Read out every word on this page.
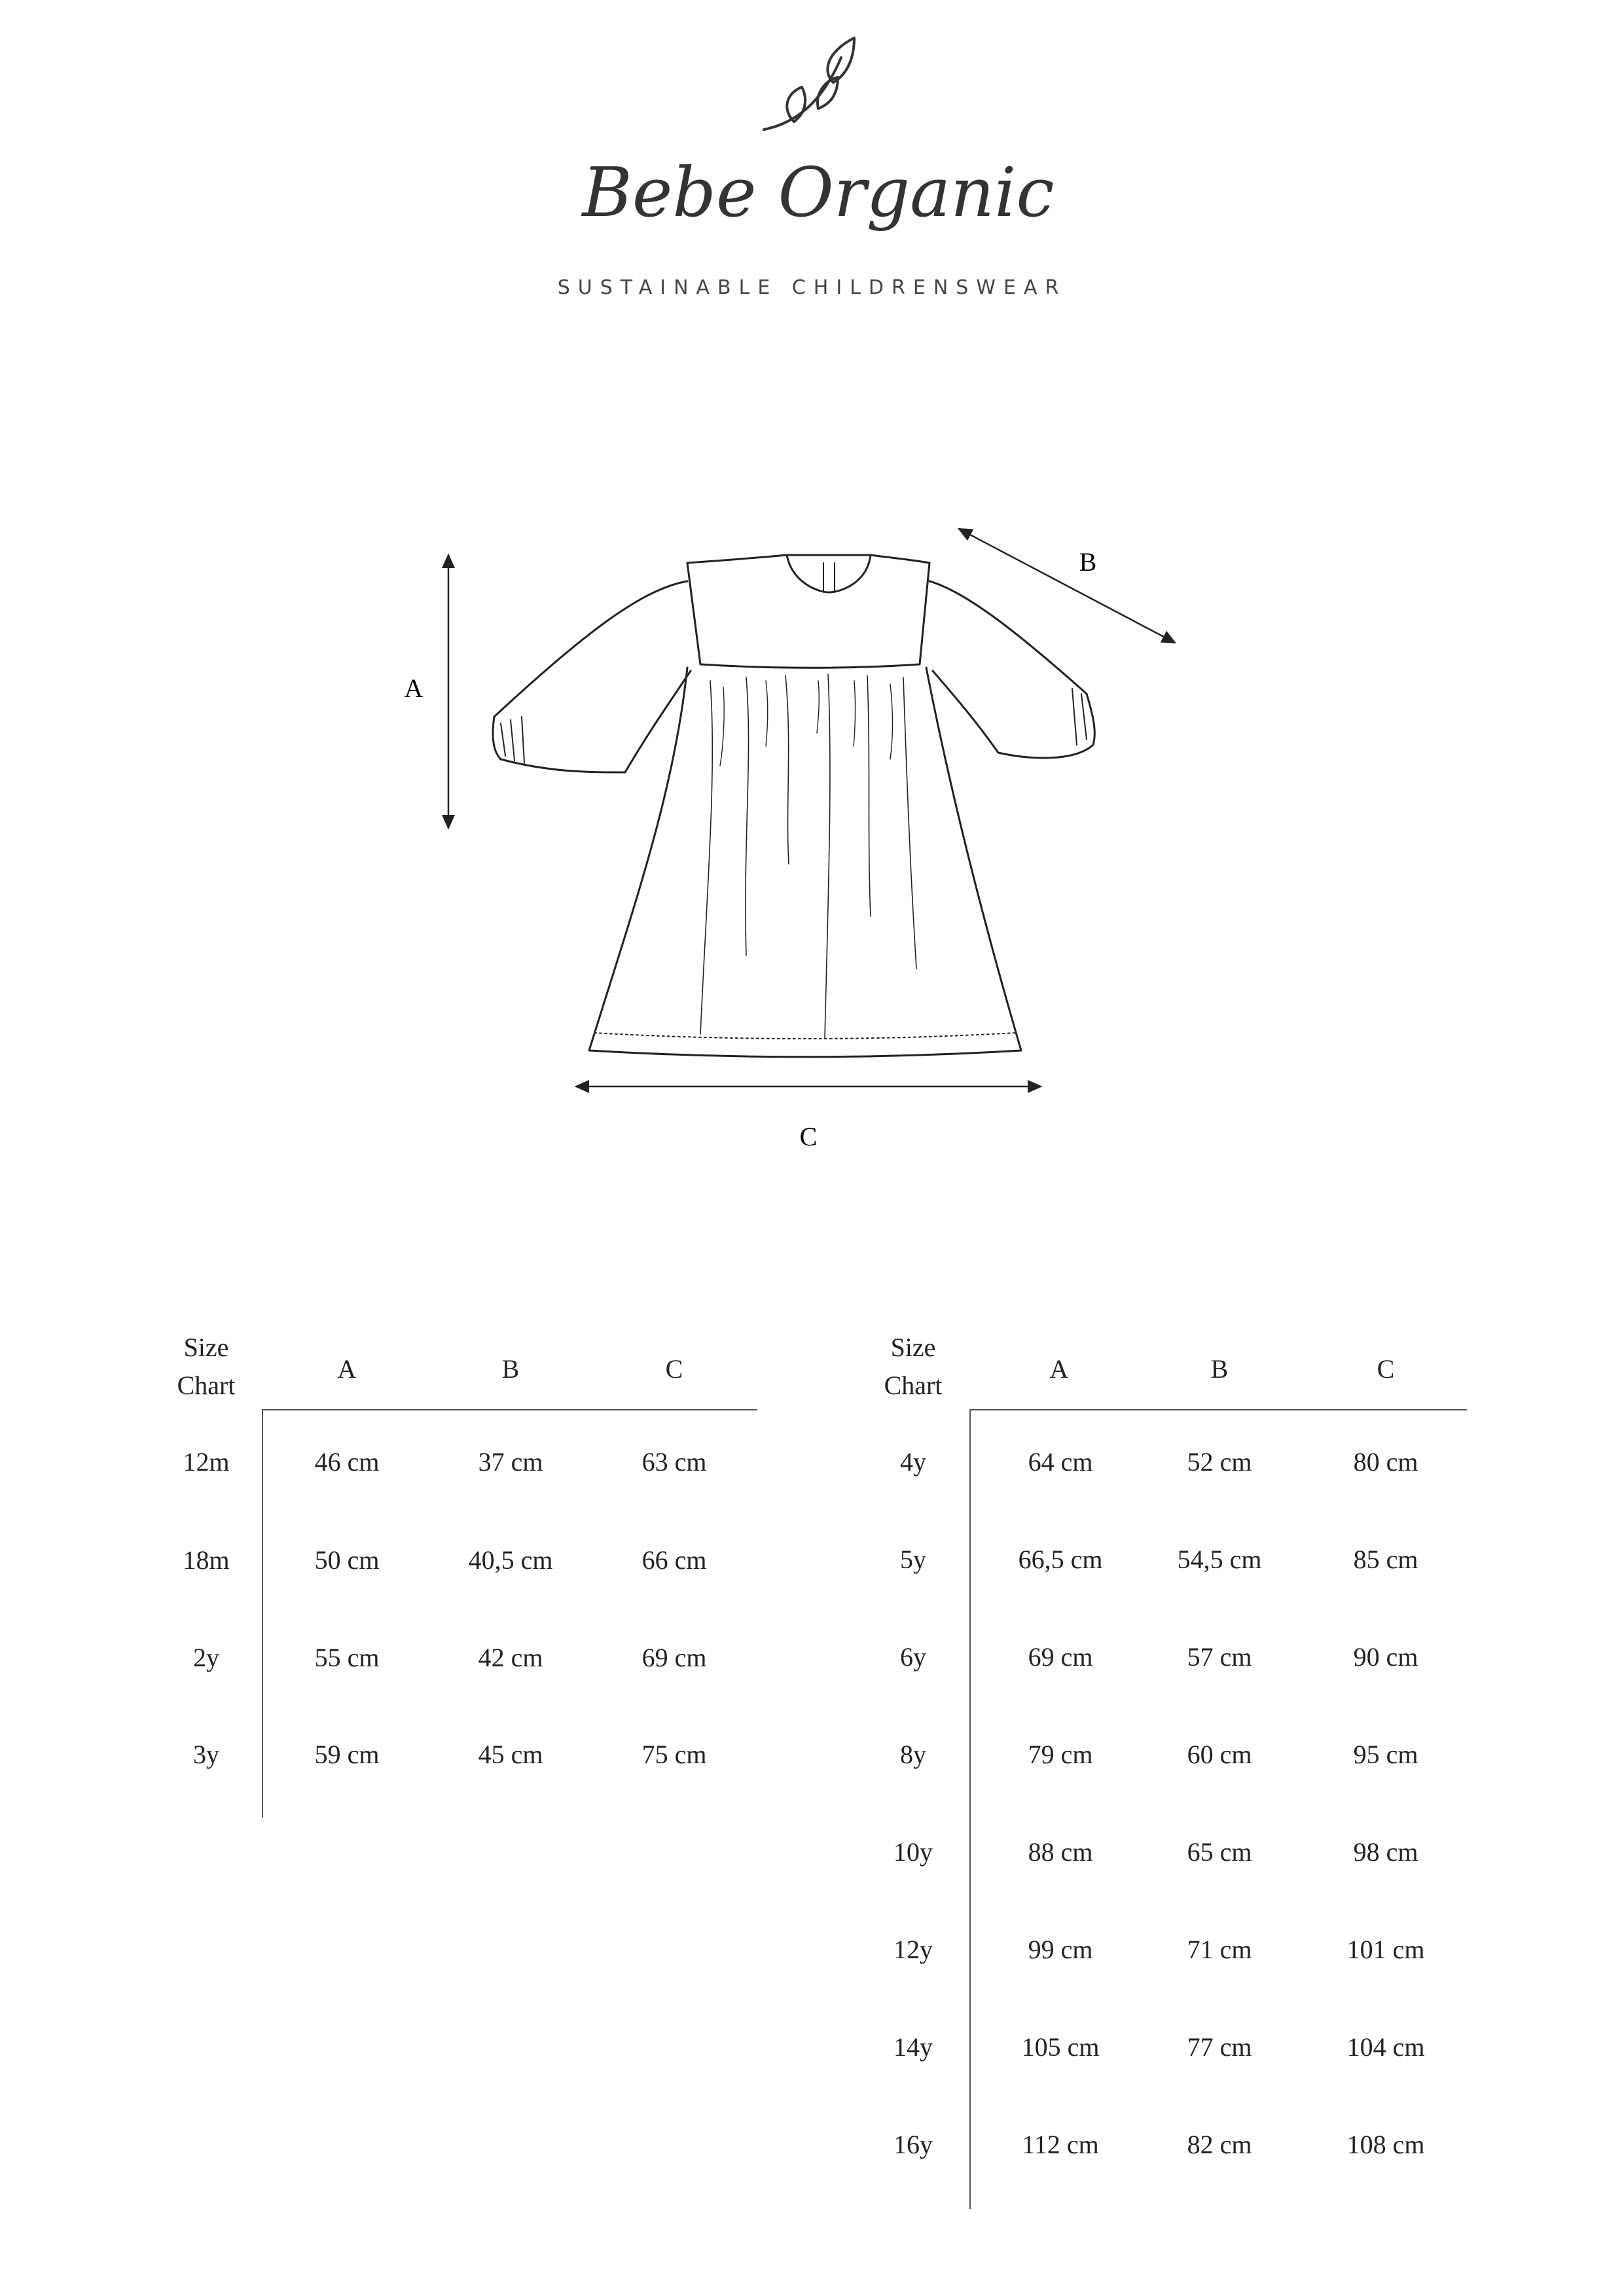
Bebe Organic
SUSTAINABLE CHILDRENSWEAR
A
B
C
Size
Chart
A	B	C
12m	46 cm	37 cm	63 cm
18m	50 cm	40,5 cm	66 cm
2y	55 cm	42 cm	69 cm
3y	59 cm	45 cm	75 cm
Size
Chart
A	B	C
4y	64 cm	52 cm	80 cm
5y	66,5 cm	54,5 cm	85 cm
6y	69 cm	57 cm	90 cm
8y	79 cm	60 cm	95 cm
10y	88 cm	65 cm	98 cm
12y	99 cm	71 cm	101 cm
14y	105 cm	77 cm	104 cm
16y	112 cm	82 cm	108 cm
